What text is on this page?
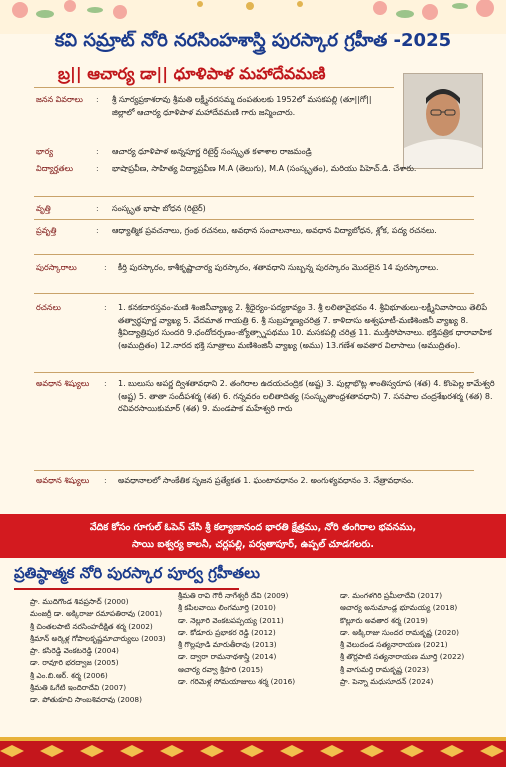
కవి సమ్రాట్ నోరి నరసింహశాస్త్రి పురస్కార గ్రహీత -2025
బ్ర|| ఆచార్య డా|| ధూళిపాళ మహాదేవమణి
జనన వివరాలు : శ్రీ సూర్యప్రకాశరావు శ్రీమతి లక్ష్మీనరసమ్మ దంపతులకు 1952లో మసకపల్లి (తూ||గో|| జిల్లాలో ఆచార్య ధూళిపాళ మహాదేవమణి గారు జన్మించారు.
భార్య	: ఆచార్య ధూళిపాళ అన్నపూర్ణ రిటైర్డ్ సంస్కృత కళాశాల రాజమండ్రి
విద్యార్హతలు	: భాషాప్రవీణ, సాహిత్య విద్యాప్రవీణ M.A (తెలుగు), M.A (సంస్కృతం), మరియు పిహెచ్.డి. చేశారు.
వృత్తి	: సంస్కృత భాషా బోధన (రిటైర్)
ప్రవృత్తి	: ఆధ్యాత్మిక ప్రవచనాలు, గ్రంథ రచనలు, అవధాన సంచాలనాలు, అవధాన విద్యాబోధన, శ్లోక, పద్య రచనలు.
పురస్కారాలు	: కీర్తి పురస్కారం, కాశీకృష్ణాచార్య పురస్కారం, శతావధాని సుబ్బన్న పురస్కారం మొదలైన 14 పురస్కారాలు.
రచనలు	: 1. కనకదారస్తవం-మణి శింజినీవ్యాఖ్య 2. శ్రీధైర్యం-పద్యకావ్యం 3. శ్రీ లలితావైభవం 4. శ్రీవిభూతులు-లక్ష్మీనివాసాయి తెలిపే తత్వార్థపూర్ణ వ్యాఖ్య 5. వేదమాత గాయత్రి 6. శ్రీ సుబ్రహ్మణ్యచరిత్ర 7. కాళిదాసు అశ్వఘాటీ-మణిశింజినీ వ్యాఖ్య 8. శ్రీవిద్యాత్రిపుర సుందరి 9.ఛందోదర్పణం-జ్యోత్స్నాపథము 10. మసకపల్లి చరిత్ర 11. ముక్తిసోపానాలు. భక్తిపత్రిక ధారావాహిక (అముద్రితం) 12.నారద భక్తి సూత్రాలు మణిశింజినీ వ్యాఖ్య (అము) 13.గణేశ అవతార విలాసాలు (అముద్రితం).
అవధాన శిష్యులు : 1. బులుసు అపర్ణ ద్విశతావధాని 2. తంగిరాల ఉదయచంద్రిక (అష్ట) 3. పుల్లాభొట్ల శాంతిస్వరూప (శత) 4. కొంపెల్ల కామేశ్వరి (అష్ట) 5. తాతా సందీపశర్మ (శత) 6. గన్నవరం లలితాదిత్య (సంస్కృతాంధ్రశతావధాని) 7. సనపాల చంద్రశేఖరశర్మ (శత) 8. రవివరసాయికుమార్ (శత) 9. మండపాక మహేశ్వరి గారు
అవధాన శిష్యులు : అవధానాలలో సాంకేతిక సృజన ప్రత్యేకత 1. ఘంటావధానం 2. అంగుళ్యవధానం 3. నేత్రావధానం.
వేదిక కోసం గూగుల్ ఓపెన్ చేసి శ్రీ కల్యాణానంద భారతి క్షేత్రము, నోరి తంగిరాల భవనము,
సాయి ఐశ్వర్య కాలనీ, చర్లపల్లి, పర్వతాపూర్, ఉప్పల్ చూడగలరు.
ప్రతిష్ఠాత్మక నోరి పురస్కార పూర్వ గ్రహీతలు
ప్రా. ముదిగొండ శివప్రసాద్ (2000)
మంజర్రీ డా. అక్కిరాజు రమాపతిరావు (2001)
శ్రీ చింతలపాటి నరసింహదీక్షిత శర్మ (2002)
శ్రీమాన్ అర్కెళ్ల గోపాలకృష్ణమాచార్యులు (2003)
ప్రా. కసిరెడ్డి వెంకటరెడ్డి (2004)
డా. రావూరి భరద్వాజ (2005)
శ్రీ ఎం.బి.ఆర్. శర్మ (2006)
శ్రీమతి ఓగేటి ఇందిరాదేవి (2007)
డా. పోతుకూచి సాంబశివరావు (2008)
శ్రీమతి రావి గౌరీ నాగేశ్వరీ దేవి (2009)
శ్రీ కపిలవాయి లింగమూర్తి (2010)
డా. నెల్లూరి వెంకటపప్పయ్య (2011)
డా. కోడూరు ప్రభాకర రెడ్డి (2012)
శ్రీ గొల్లపూడి మారుతీరావు (2013)
డా. ద్వారా రామనాథశాస్త్రి (2014)
ఆచార్య రవ్వా శ్రీహరి (2015)
డా. గరిమెళ్ల సోమయాజులు శర్మ (2016)
డా. మంగళగిరి ప్రమీలాదేవి (2017)
ఆచార్య అనుమాండ్ల భూమయ్య (2018)
కొల్లూరు అవతార శర్మ (2019)
డా. అక్కిరాజు సుందర రామకృష్ణ (2020)
శ్రీ వెలుదండ సత్యనారాయణ (2021)
శ్రీ తొర్లపాటి సత్యనారాయణ మూర్తి (2022)
శ్రీ వాగుమర్తి రామకృష్ణ (2023)
ప్రా. పెన్నా మధుసూదన్ (2024)
